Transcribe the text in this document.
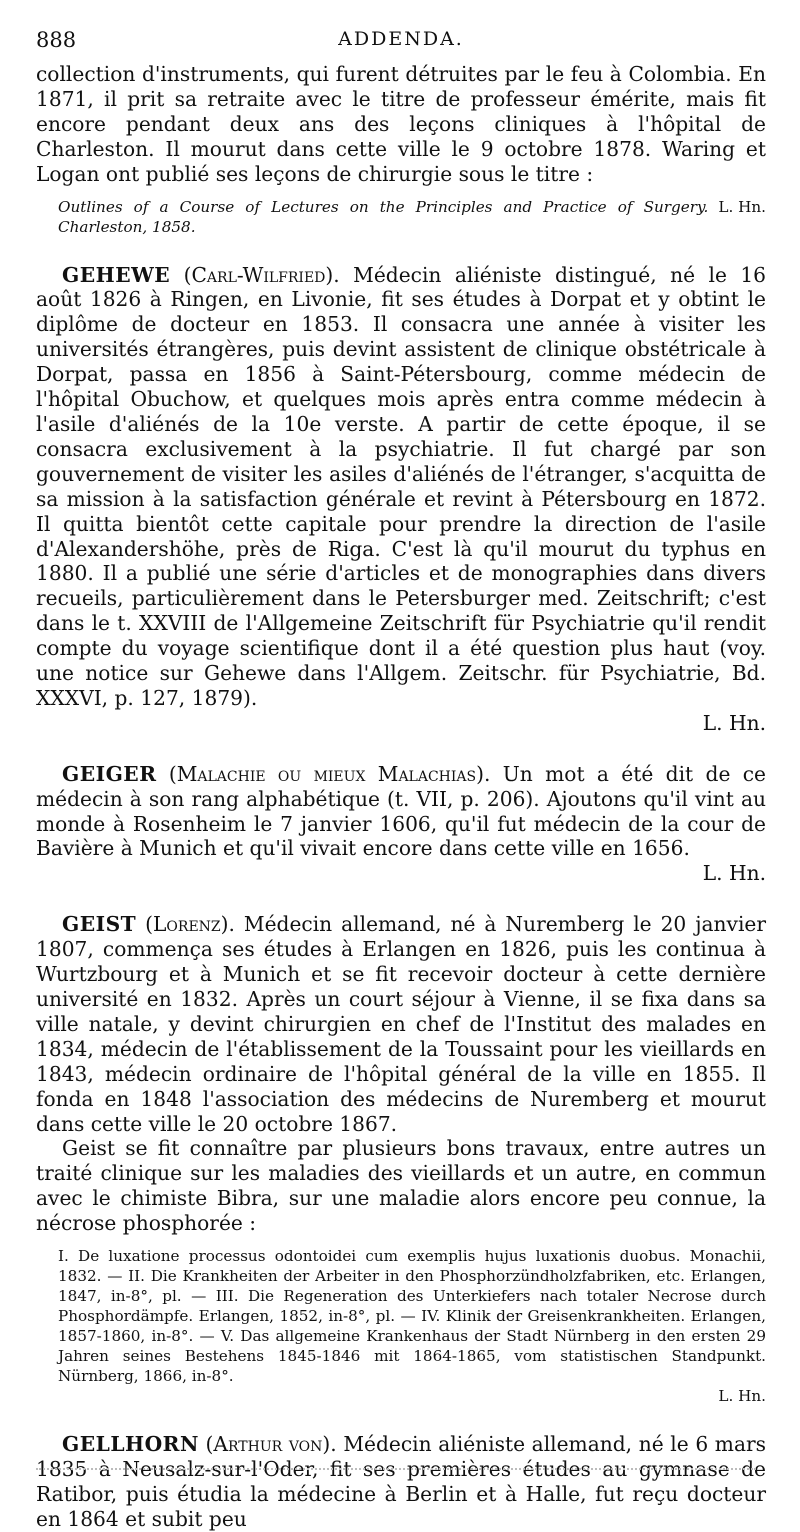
888	ADDENDA.

collection d'instruments, qui furent détruites par le feu à Colombia. En 1871, il prit sa retraite avec le titre de professeur émérite, mais fit encore pendant deux ans des leçons cliniques à l'hôpital de Charleston. Il mourut dans cette ville le 9 octobre 1878. Waring et Logan ont publié ses leçons de chirurgie sous le titre :

L. Hn.
Outlines of a Course of Lectures on the Principles and Practice of Surgery. Charleston, 1858.

GEHEWE (Carl-Wilfried). Médecin aliéniste distingué, né le 16 août 1826 à Ringen, en Livonie, fit ses études à Dorpat et y obtint le diplôme de docteur en 1853. Il consacra une année à visiter les universités étrangères, puis devint assistent de clinique obstétricale à Dorpat, passa en 1856 à Saint-Pétersbourg, comme médecin de l'hôpital Obuchow, et quelques mois après entra comme médecin à l'asile d'aliénés de la 10e verste. A partir de cette époque, il se consacra exclusivement à la psychiatrie. Il fut chargé par son gouvernement de visiter les asiles d'aliénés de l'étranger, s'acquitta de sa mission à la satisfaction générale et revint à Pétersbourg en 1872. Il quitta bientôt cette capitale pour prendre la direction de l'asile d'Alexandershöhe, près de Riga. C'est là qu'il mourut du typhus en 1880. Il a publié une série d'articles et de monographies dans divers recueils, particulièrement dans le Petersburger med. Zeitschrift; c'est dans le t. XXVIII de l'Allgemeine Zeitschrift für Psychiatrie qu'il rendit compte du voyage scientifique dont il a été question plus haut (voy. une notice sur Gehewe dans l'Allgem. Zeitschr. für Psychiatrie, Bd. XXXVI, p. 127, 1879).

L. Hn.

GEIGER (Malachie ou mieux Malachias). Un mot a été dit de ce médecin à son rang alphabétique (t. VII, p. 206). Ajoutons qu'il vint au monde à Rosenheim le 7 janvier 1606, qu'il fut médecin de la cour de Bavière à Munich et qu'il vivait encore dans cette ville en 1656.

L. Hn.

GEIST (Lorenz). Médecin allemand, né à Nuremberg le 20 janvier 1807, commença ses études à Erlangen en 1826, puis les continua à Wurtzbourg et à Munich et se fit recevoir docteur à cette dernière université en 1832. Après un court séjour à Vienne, il se fixa dans sa ville natale, y devint chirurgien en chef de l'Institut des malades en 1834, médecin de l'établissement de la Toussaint pour les vieillards en 1843, médecin ordinaire de l'hôpital général de la ville en 1855. Il fonda en 1848 l'association des médecins de Nuremberg et mourut dans cette ville le 20 octobre 1867.

Geist se fit connaître par plusieurs bons travaux, entre autres un traité clinique sur les maladies des vieillards et un autre, en commun avec le chimiste Bibra, sur une maladie alors encore peu connue, la nécrose phosphorée :

I. De luxatione processus odontoidei cum exemplis hujus luxationis duobus. Monachii, 1832. — II. Die Krankheiten der Arbeiter in den Phosphorzündholzfabriken, etc. Erlangen, 1847, in-8°, pl. — III. Die Regeneration des Unterkiefers nach totaler Necrose durch Phosphordämpfe. Erlangen, 1852, in-8°, pl. — IV. Klinik der Greisenkrankheiten. Erlangen, 1857-1860, in-8°. — V. Das allgemeine Krankenhaus der Stadt Nürnberg in den ersten 29 Jahren seines Bestehens 1845-1846 mit 1864-1865, vom statistischen Standpunkt. Nürnberg, 1866, in-8°.

L. Hn.

GELLHORN (Arthur von). Médecin aliéniste allemand, né le 6 mars 1835 à Neusalz-sur-l'Oder, fit ses premières études au gymnase de Ratibor, puis étudia la médecine à Berlin et à Halle, fut reçu docteur en 1864 et subit peu
